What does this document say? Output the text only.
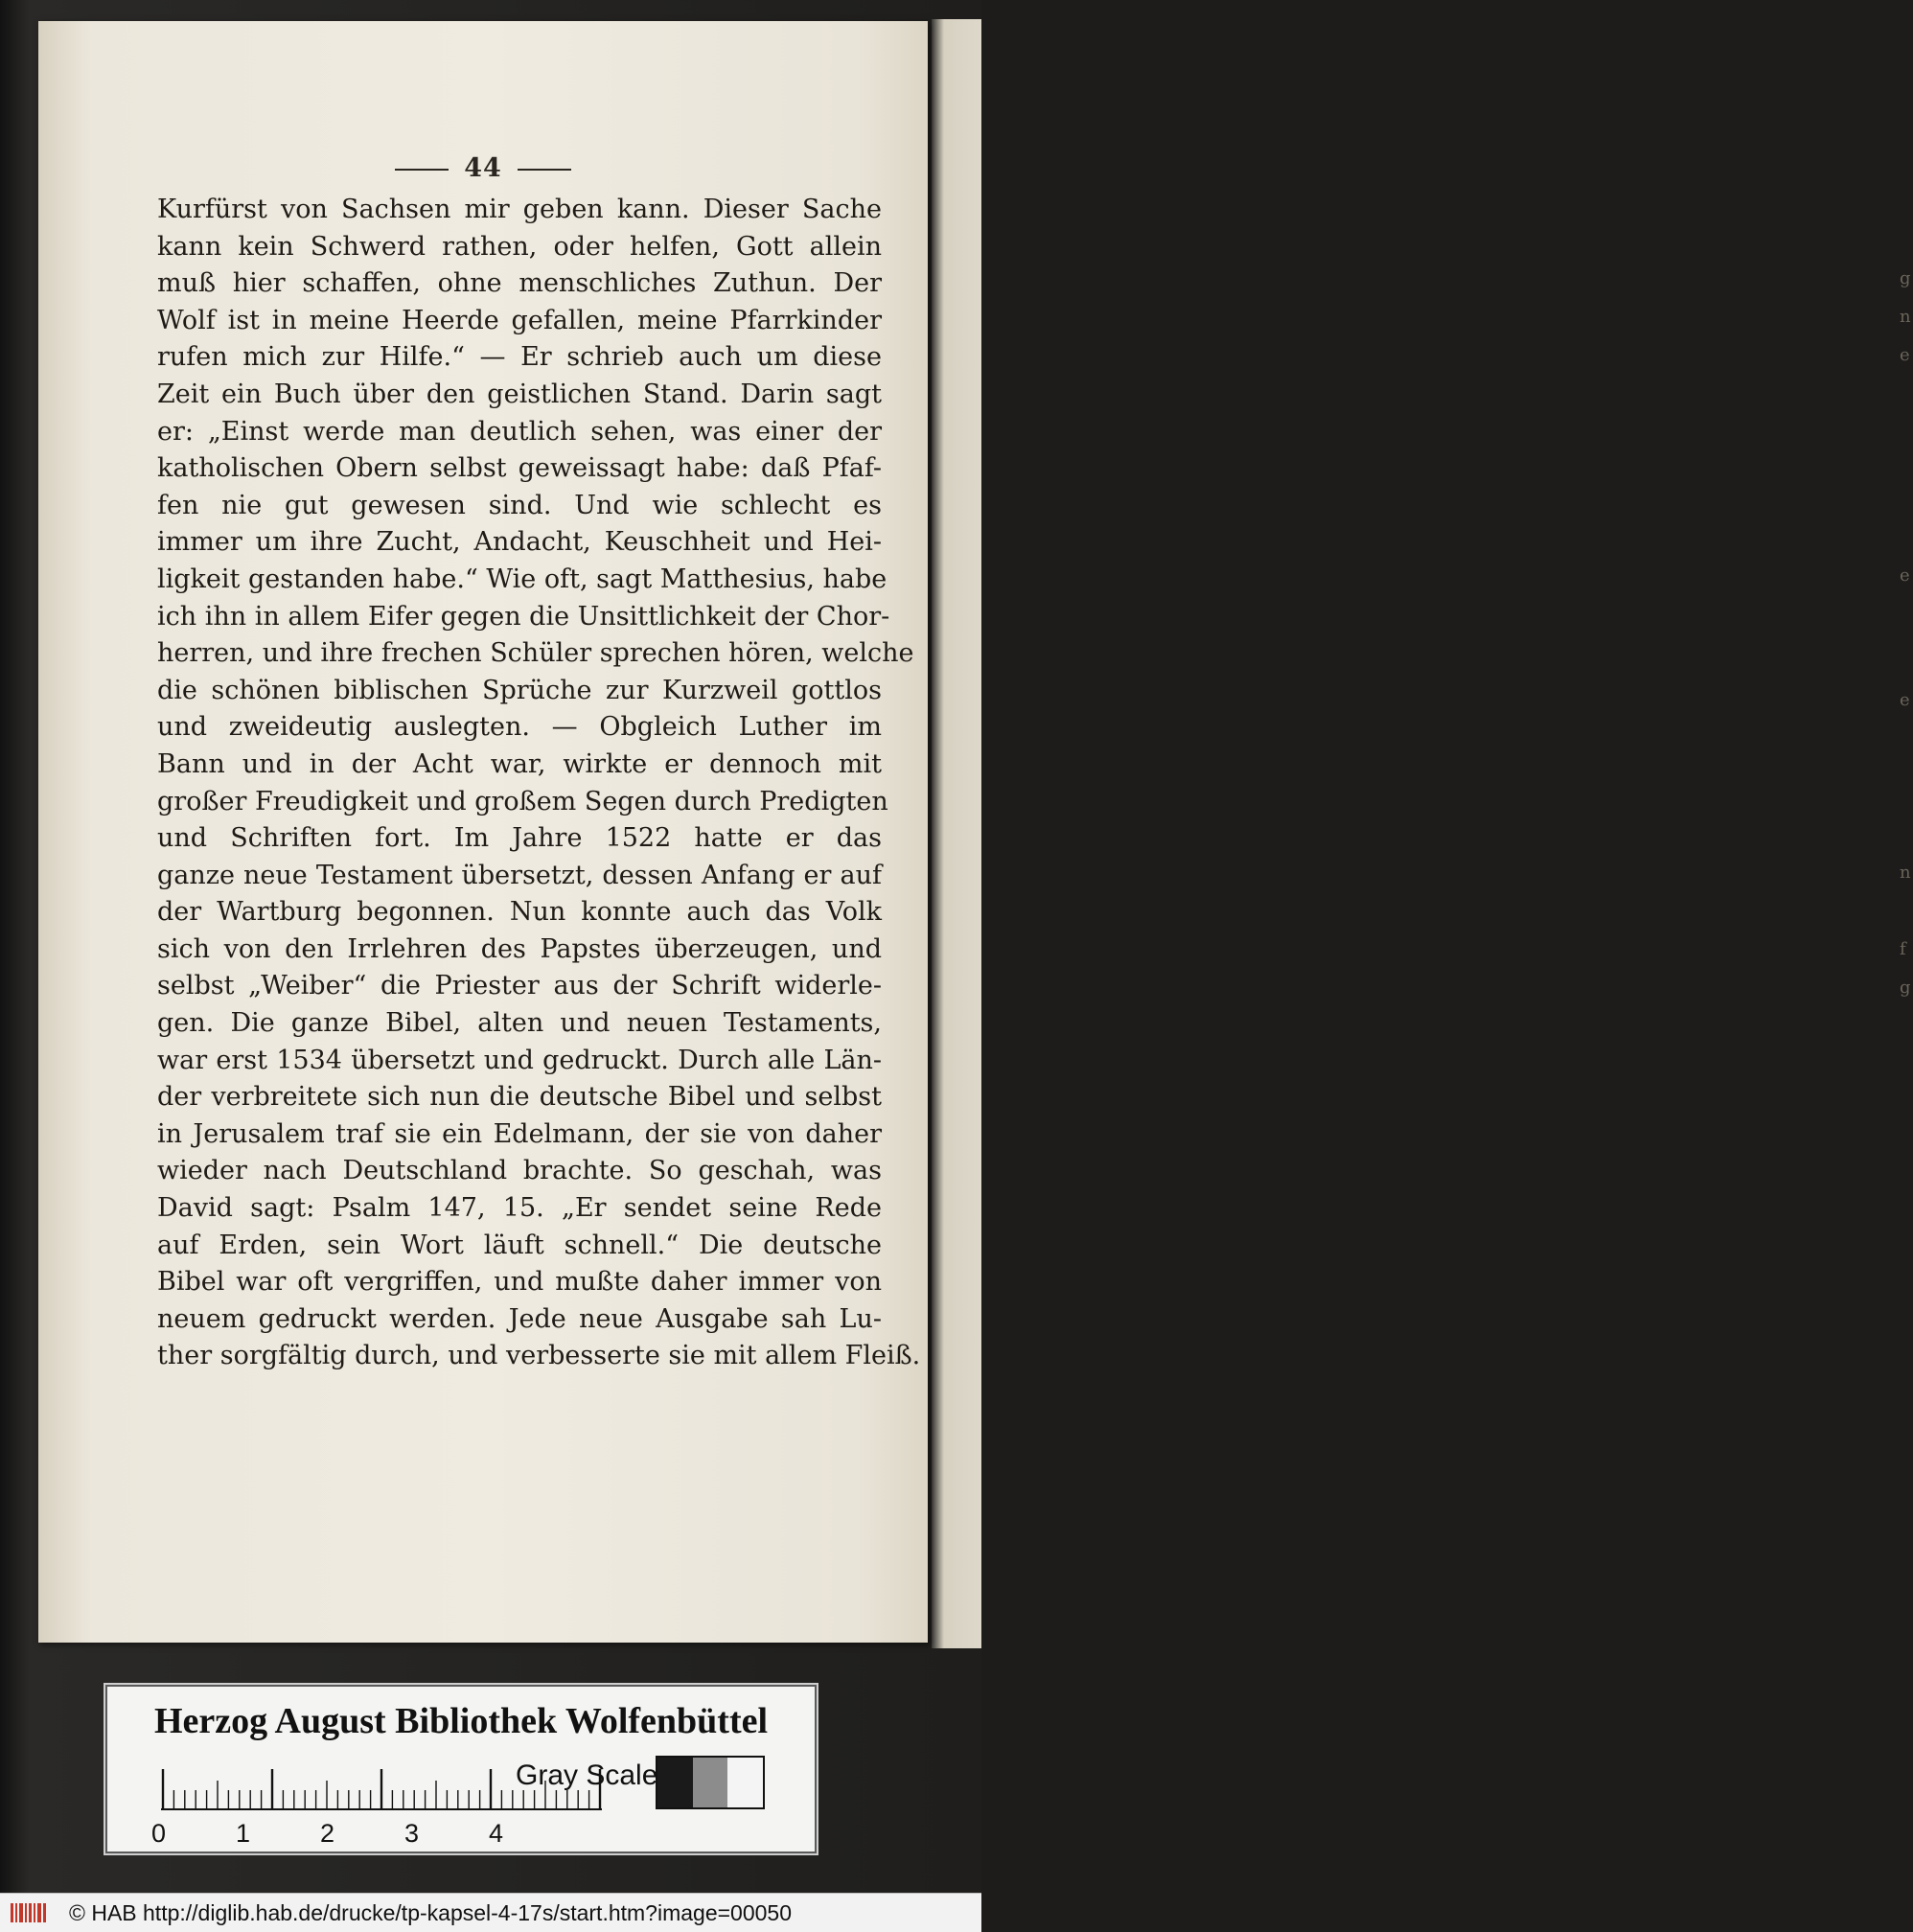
g
n
e
e
e
n
f
g
44
Kurfürst von Sachsen mir geben kann. Dieser Sache
kann kein Schwerd rathen, oder helfen, Gott allein
muß hier schaffen, ohne menschliches Zuthun. Der
Wolf ist in meine Heerde gefallen, meine Pfarrkinder
rufen mich zur Hilfe.“ — Er schrieb auch um diese
Zeit ein Buch über den geistlichen Stand. Darin sagt
er: „Einst werde man deutlich sehen, was einer der
katholischen Obern selbst geweissagt habe: daß Pfaf-
fen nie gut gewesen sind. Und wie schlecht es
immer um ihre Zucht, Andacht, Keuschheit und Hei-
ligkeit gestanden habe.“ Wie oft, sagt Matthesius, habe
ich ihn in allem Eifer gegen die Unsittlichkeit der Chor-
herren, und ihre frechen Schüler sprechen hören, welche
die schönen biblischen Sprüche zur Kurzweil gottlos
und zweideutig auslegten. — Obgleich Luther im
Bann und in der Acht war, wirkte er dennoch mit
großer Freudigkeit und großem Segen durch Predigten
und Schriften fort. Im Jahre 1522 hatte er das
ganze neue Testament übersetzt, dessen Anfang er auf
der Wartburg begonnen. Nun konnte auch das Volk
sich von den Irrlehren des Papstes überzeugen, und
selbst „Weiber“ die Priester aus der Schrift widerle-
gen. Die ganze Bibel, alten und neuen Testaments,
war erst 1534 übersetzt und gedruckt. Durch alle Län-
der verbreitete sich nun die deutsche Bibel und selbst
in Jerusalem traf sie ein Edelmann, der sie von daher
wieder nach Deutschland brachte. So geschah, was
David sagt: Psalm 147, 15. „Er sendet seine Rede
auf Erden, sein Wort läuft schnell.“ Die deutsche
Bibel war oft vergriffen, und mußte daher immer von
neuem gedruckt werden. Jede neue Ausgabe sah Lu-
ther sorgfältig durch, und verbesserte sie mit allem Fleiß.
Herzog August Bibliothek Wolfenbüttel
0	1	2	3	4
Gray Scale
© HAB http://diglib.hab.de/drucke/tp-kapsel-4-17s/start.htm?image=00050
